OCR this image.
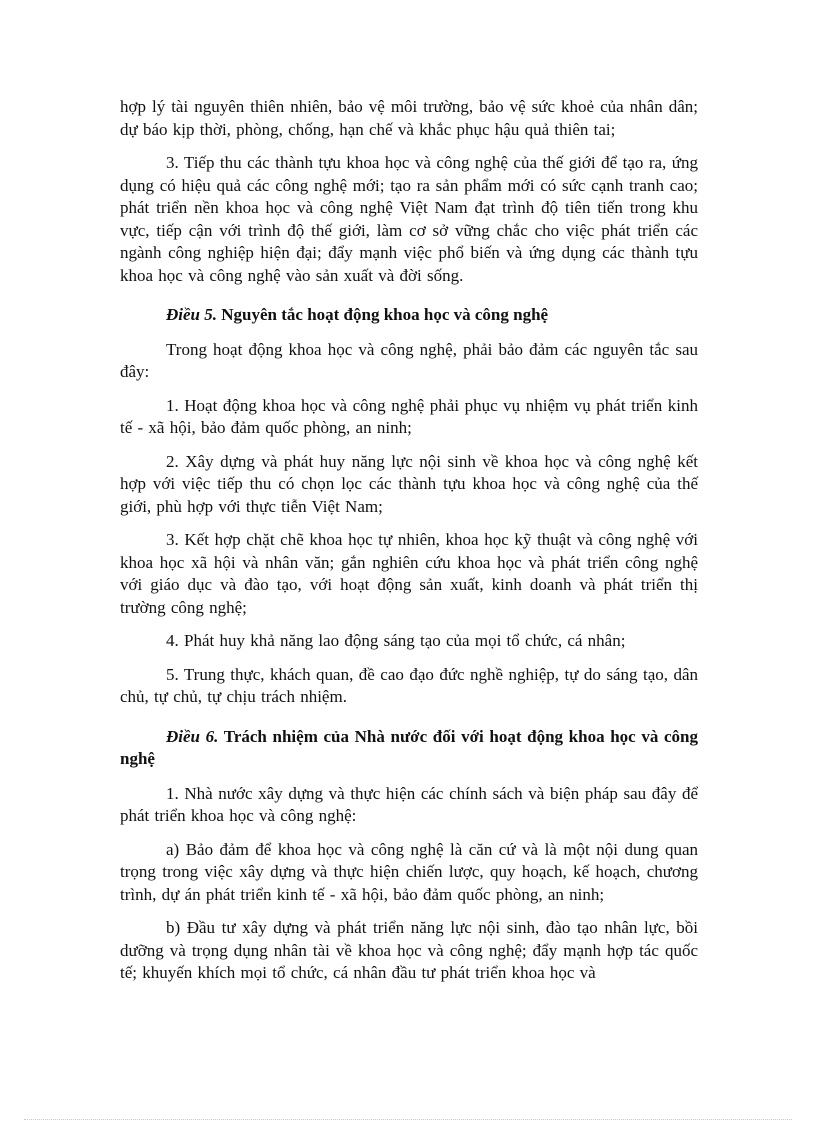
hợp lý tài nguyên thiên nhiên, bảo vệ môi trường, bảo vệ sức khoẻ của nhân dân; dự báo kịp thời, phòng, chống, hạn chế và khắc phục hậu quả thiên tai;

3. Tiếp thu các thành tựu khoa học và công nghệ của thế giới để tạo ra, ứng dụng có hiệu quả các công nghệ mới; tạo ra sản phẩm mới có sức cạnh tranh cao; phát triển nền khoa học và công nghệ Việt Nam đạt trình độ tiên tiến trong khu vực, tiếp cận với trình độ thế giới, làm cơ sở vững chắc cho việc phát triển các ngành công nghiệp hiện đại; đẩy mạnh việc phổ biến và ứng dụng các thành tựu khoa học và công nghệ vào sản xuất và đời sống.

Điều 5. Nguyên tắc hoạt động khoa học và công nghệ

Trong hoạt động khoa học và công nghệ, phải bảo đảm các nguyên tắc sau đây:

1. Hoạt động khoa học và công nghệ phải phục vụ nhiệm vụ phát triển kinh tế - xã hội, bảo đảm quốc phòng, an ninh;

2. Xây dựng và phát huy năng lực nội sinh về khoa học và công nghệ kết hợp với việc tiếp thu có chọn lọc các thành tựu khoa học và công nghệ của thế giới, phù hợp với thực tiễn Việt Nam;

3. Kết hợp chặt chẽ khoa học tự nhiên, khoa học kỹ thuật và công nghệ với khoa học xã hội và nhân văn; gắn nghiên cứu khoa học và phát triển công nghệ với giáo dục và đào tạo, với hoạt động sản xuất, kinh doanh và phát triển thị trường công nghệ;

4. Phát huy khả năng lao động sáng tạo của mọi tổ chức, cá nhân;

5. Trung thực, khách quan, đề cao đạo đức nghề nghiệp, tự do sáng tạo, dân chủ, tự chủ, tự chịu trách nhiệm.

Điều 6. Trách nhiệm của Nhà nước đối với hoạt động khoa học và công nghệ

1. Nhà nước xây dựng và thực hiện các chính sách và biện pháp sau đây để phát triển khoa học và công nghệ:

a) Bảo đảm để khoa học và công nghệ là căn cứ và là một nội dung quan trọng trong việc xây dựng và thực hiện chiến lược, quy hoạch, kế hoạch, chương trình, dự án phát triển kinh tế - xã hội, bảo đảm quốc phòng, an ninh;

b) Đầu tư xây dựng và phát triển năng lực nội sinh, đào tạo nhân lực, bồi dưỡng và trọng dụng nhân tài về khoa học và công nghệ; đẩy mạnh hợp tác quốc tế; khuyến khích mọi tổ chức, cá nhân đầu tư phát triển khoa học và
